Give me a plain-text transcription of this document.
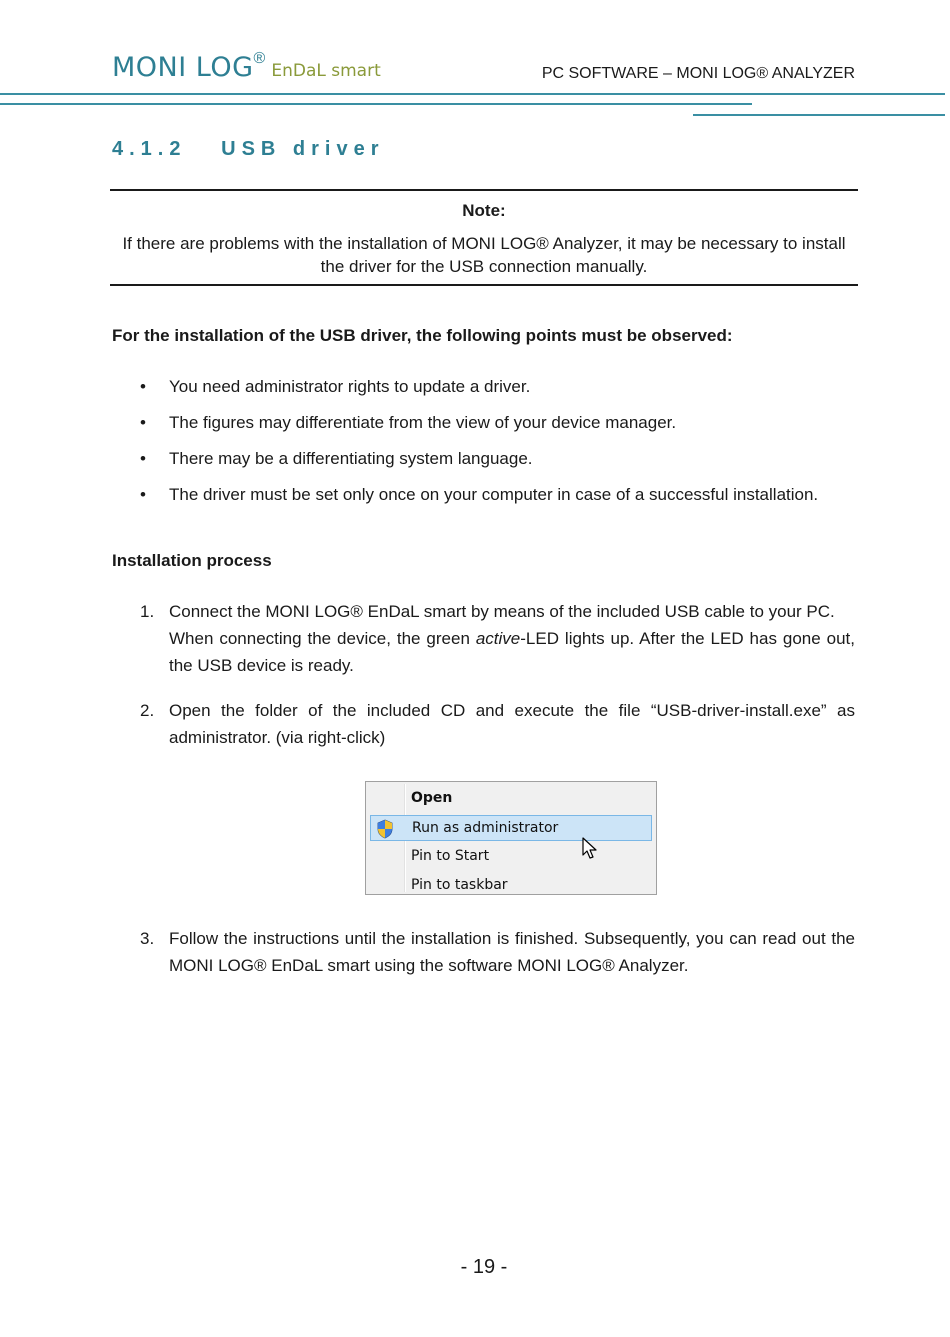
MONI LOG®EnDaL smart	PC SOFTWARE – MONI LOG® ANALYZER
4.1.2   USB driver
Note:
If there are problems with the installation of MONI LOG® Analyzer, it may be necessary to install
the driver for the USB connection manually.
For the installation of the USB driver, the following points must be observed:
• You need administrator rights to update a driver.
• The figures may differentiate from the view of your device manager.
• There may be a differentiating system language.
• The driver must be set only once on your computer in case of a successful installation.
Installation process
1. Connect the MONI LOG® EnDaL smart by means of the included USB cable to your PC.
When connecting the device, the green active-LED lights up. After the LED has gone out,
the USB device is ready.
2. Open the folder of the included CD and execute the file “USB-driver-install.exe” as administrator. (via right-click)
Open
Run as administrator
Pin to Start
Pin to taskbar
3. Follow the instructions until the installation is finished. Subsequently, you can read out the MONI LOG® EnDaL smart using the software MONI LOG® Analyzer.
- 19 -
